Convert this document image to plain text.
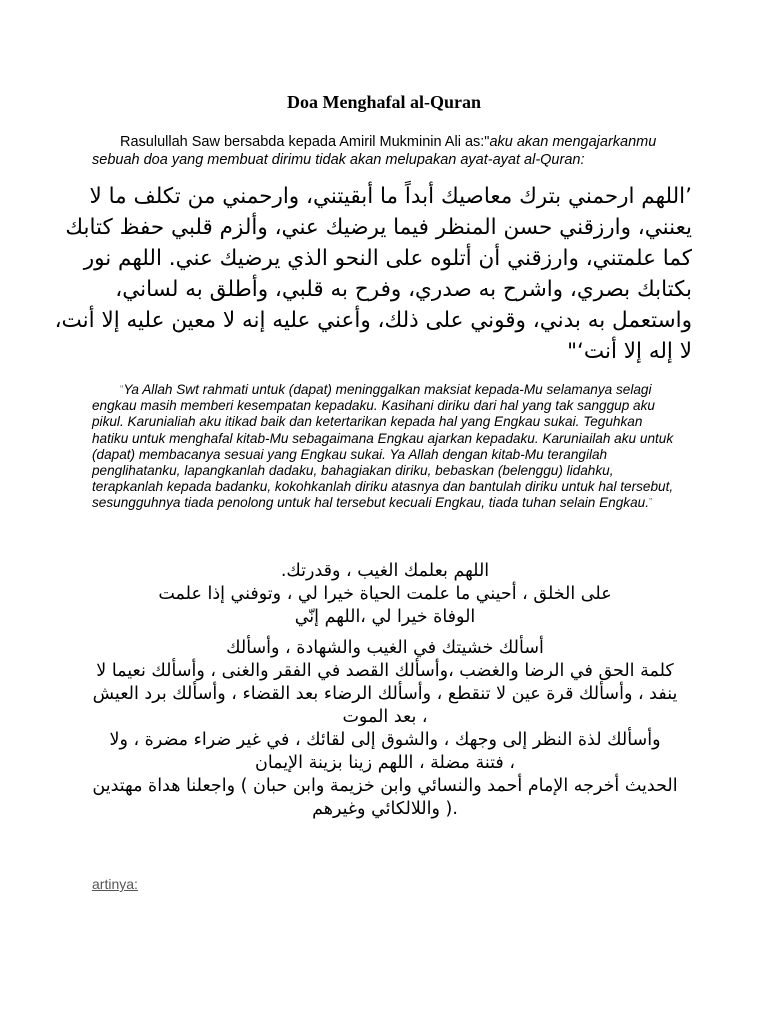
Doa Menghafal al-Quran
Rasulullah Saw bersabda kepada Amiril Mukminin Ali as:"aku akan mengajarkanmu sebuah doa yang membuat dirimu tidak akan melupakan ayat-ayat al-Quran:
’اللهم ارحمني بترك معاصيك أبداً ما أبقيتني، وارحمني من تكلف ما لا
يعنني، وارزقني حسن المنظر فيما يرضيك عني، وألزم قلبي حفظ كتابك
كما علمتني، وارزقني أن أتلوه على النحو الذي يرضيك عني. اللهم نور
بكتابك بصري، واشرح به صدري، وفرح به قلبي، وأطلق به لساني،
واستعمل به بدني، وقوني على ذلك، وأعني عليه إنه لا معين عليه إلا أنت،
لا إله إلا أنت‘"
“Ya Allah Swt rahmati untuk (dapat) meninggalkan maksiat kepada-Mu selamanya selagi engkau masih memberi kesempatan kepadaku. Kasihani diriku dari hal yang tak sanggup aku pikul. Karunialiah aku itikad baik dan ketertarikan kepada hal yang Engkau sukai. Teguhkan hatiku untuk menghafal kitab-Mu sebagaimana Engkau ajarkan kepadaku. Karuniailah aku untuk (dapat) membacanya sesuai yang Engkau sukai. Ya Allah dengan kitab-Mu terangilah penglihatanku, lapangkanlah dadaku, bahagiakan diriku, bebaskan (belenggu) lidahku, terapkanlah kepada badanku, kokohkanlah diriku atasnya dan bantulah diriku untuk hal tersebut, sesungguhnya tiada penolong untuk hal tersebut kecuali Engkau, tiada tuhan selain Engkau.”
اللهم بعلمك الغيب ، وقدرتك.
على الخلق ، أحيني ما علمت الحياة خيرا لي ، وتوفني إذا علمت
الوفاة خيرا لي ،اللهم إنّي
أسألك خشيتك في الغيب والشهادة ، وأسألك
كلمة الحق في الرضا والغضب ،وأسألك القصد في الفقر والغنى ، وأسألك نعيما لا
ينفد ، وأسألك قرة عين لا تنقطع ، وأسألك الرضاء بعد القضاء ، وأسألك برد العيش
، بعد الموت
وأسألك لذة النظر إلى وجهك ، والشوق إلى لقائك ، في غير ضراء مضرة ، ولا
، فتنة مضلة ، اللهم زينا بزينة الإيمان
الحديث أخرجه الإمام أحمد والنسائي وابن خزيمة وابن حبان ) واجعلنا هداة مهتدين
.( واللالكائي وغيرهم
artinya:
